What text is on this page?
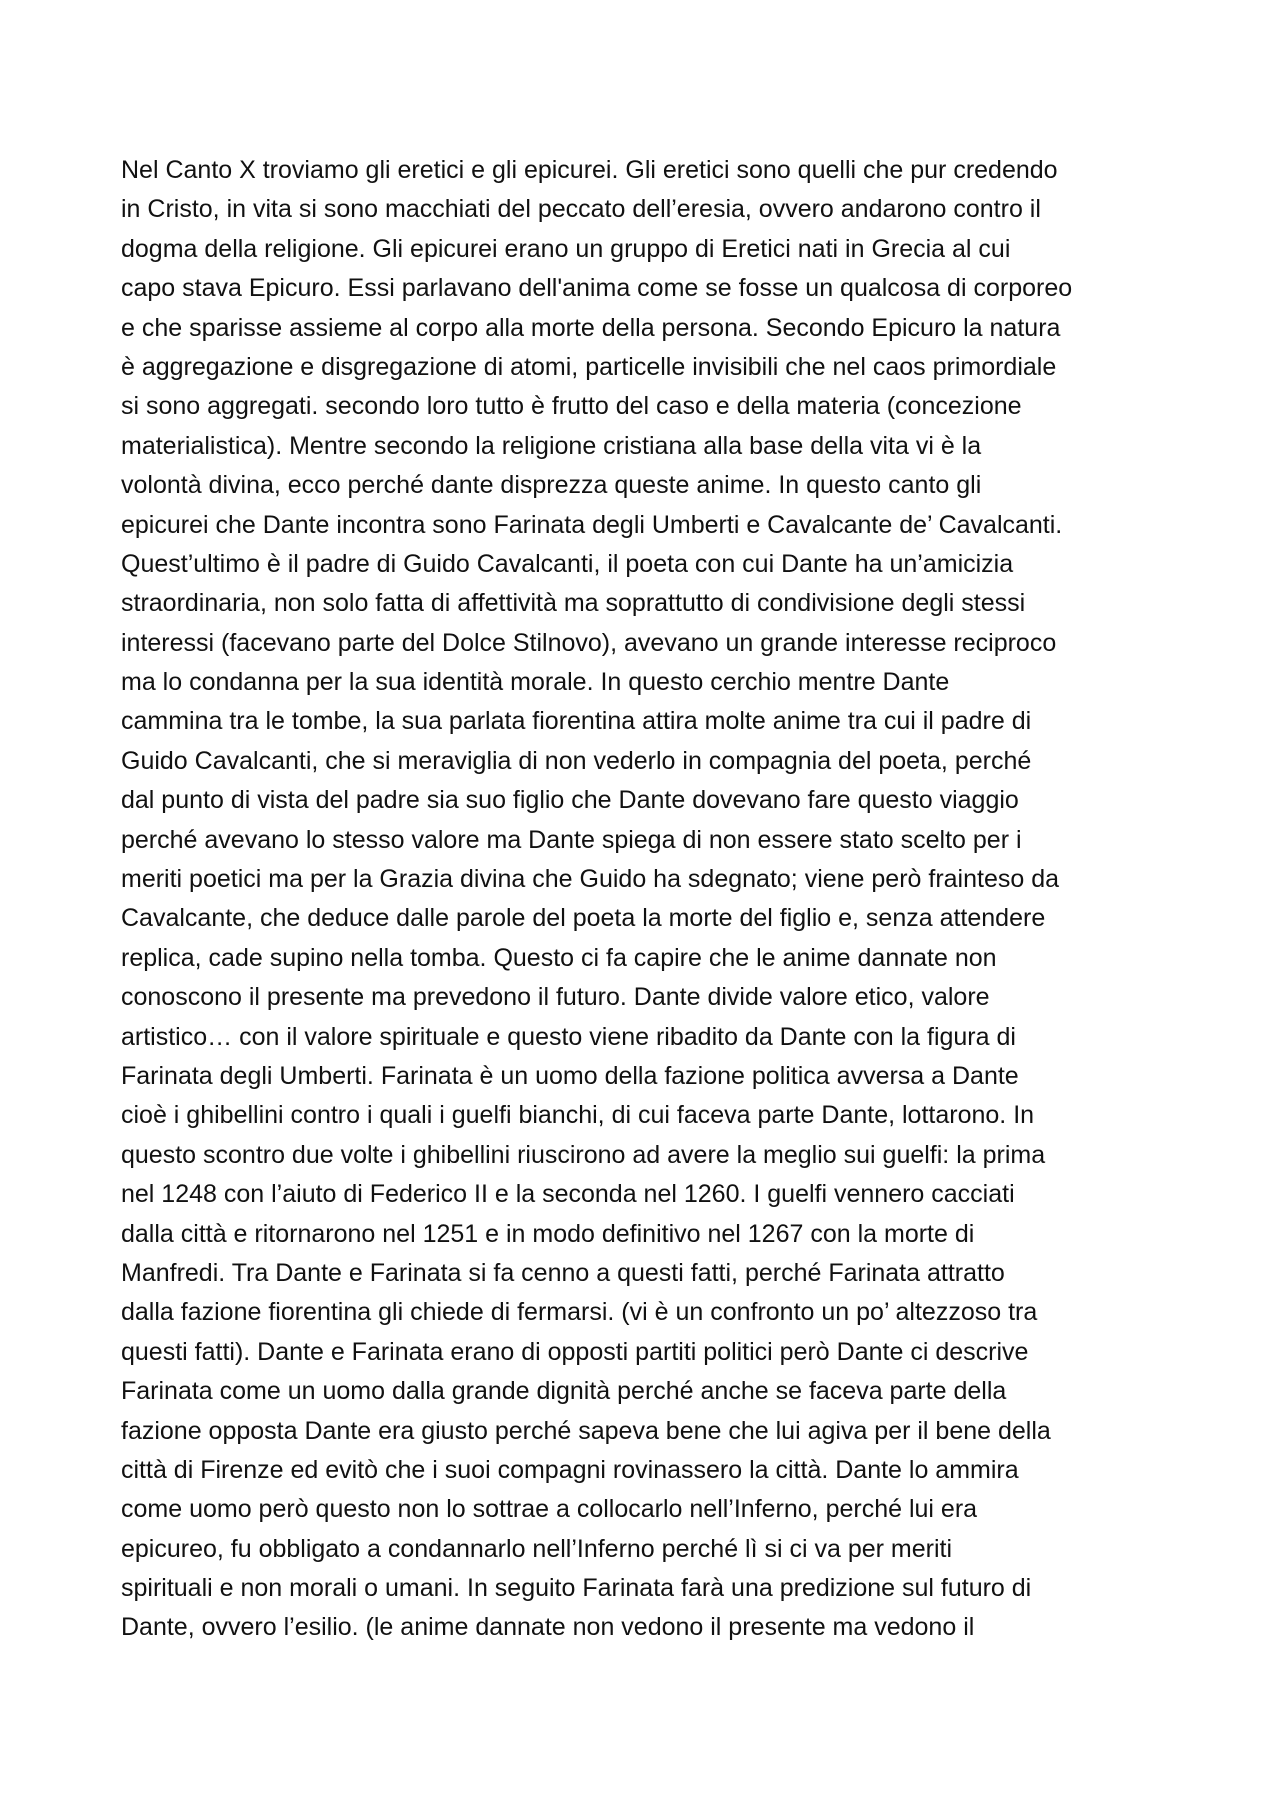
Nel Canto X troviamo gli eretici e gli epicurei. Gli eretici sono quelli che pur credendo
in Cristo, in vita si sono macchiati del peccato dell’eresia, ovvero andarono contro il
dogma della religione. Gli epicurei erano un gruppo di Eretici nati in Grecia al cui
capo stava Epicuro. Essi parlavano dell'anima come se fosse un qualcosa di corporeo
e che sparisse assieme al corpo alla morte della persona. Secondo Epicuro la natura
è aggregazione e disgregazione di atomi, particelle invisibili che nel caos primordiale
si sono aggregati. secondo loro tutto è frutto del caso e della materia (concezione
materialistica). Mentre secondo la religione cristiana alla base della vita vi è la
volontà divina, ecco perché dante disprezza queste anime. In questo canto gli
epicurei che Dante incontra sono Farinata degli Umberti e Cavalcante de’ Cavalcanti.
Quest’ultimo è il padre di Guido Cavalcanti, il poeta con cui Dante ha un’amicizia
straordinaria, non solo fatta di affettività ma soprattutto di condivisione degli stessi
interessi (facevano parte del Dolce Stilnovo), avevano un grande interesse reciproco
ma lo condanna per la sua identità morale. In questo cerchio mentre Dante
cammina tra le tombe, la sua parlata fiorentina attira molte anime tra cui il padre di
Guido Cavalcanti, che si meraviglia di non vederlo in compagnia del poeta, perché
dal punto di vista del padre sia suo figlio che Dante dovevano fare questo viaggio
perché avevano lo stesso valore ma Dante spiega di non essere stato scelto per i
meriti poetici ma per la Grazia divina che Guido ha sdegnato; viene però frainteso da
Cavalcante, che deduce dalle parole del poeta la morte del figlio e, senza attendere
replica, cade supino nella tomba. Questo ci fa capire che le anime dannate non
conoscono il presente ma prevedono il futuro. Dante divide valore etico, valore
artistico… con il valore spirituale e questo viene ribadito da Dante con la figura di
Farinata degli Umberti. Farinata è un uomo della fazione politica avversa a Dante
cioè i ghibellini contro i quali i guelfi bianchi, di cui faceva parte Dante, lottarono. In
questo scontro due volte i ghibellini riuscirono ad avere la meglio sui guelfi: la prima
nel 1248 con l’aiuto di Federico II e la seconda nel 1260. I guelfi vennero cacciati
dalla città e ritornarono nel 1251 e in modo definitivo nel 1267 con la morte di
Manfredi. Tra Dante e Farinata si fa cenno a questi fatti, perché Farinata attratto
dalla fazione fiorentina gli chiede di fermarsi. (vi è un confronto un po’ altezzoso tra
questi fatti). Dante e Farinata erano di opposti partiti politici però Dante ci descrive
Farinata come un uomo dalla grande dignità perché anche se faceva parte della
fazione opposta Dante era giusto perché sapeva bene che lui agiva per il bene della
città di Firenze ed evitò che i suoi compagni rovinassero la città. Dante lo ammira
come uomo però questo non lo sottrae a collocarlo nell’Inferno, perché lui era
epicureo, fu obbligato a condannarlo nell’Inferno perché lì si ci va per meriti
spirituali e non morali o umani. In seguito Farinata farà una predizione sul futuro di
Dante, ovvero l’esilio. (le anime dannate non vedono il presente ma vedono il
